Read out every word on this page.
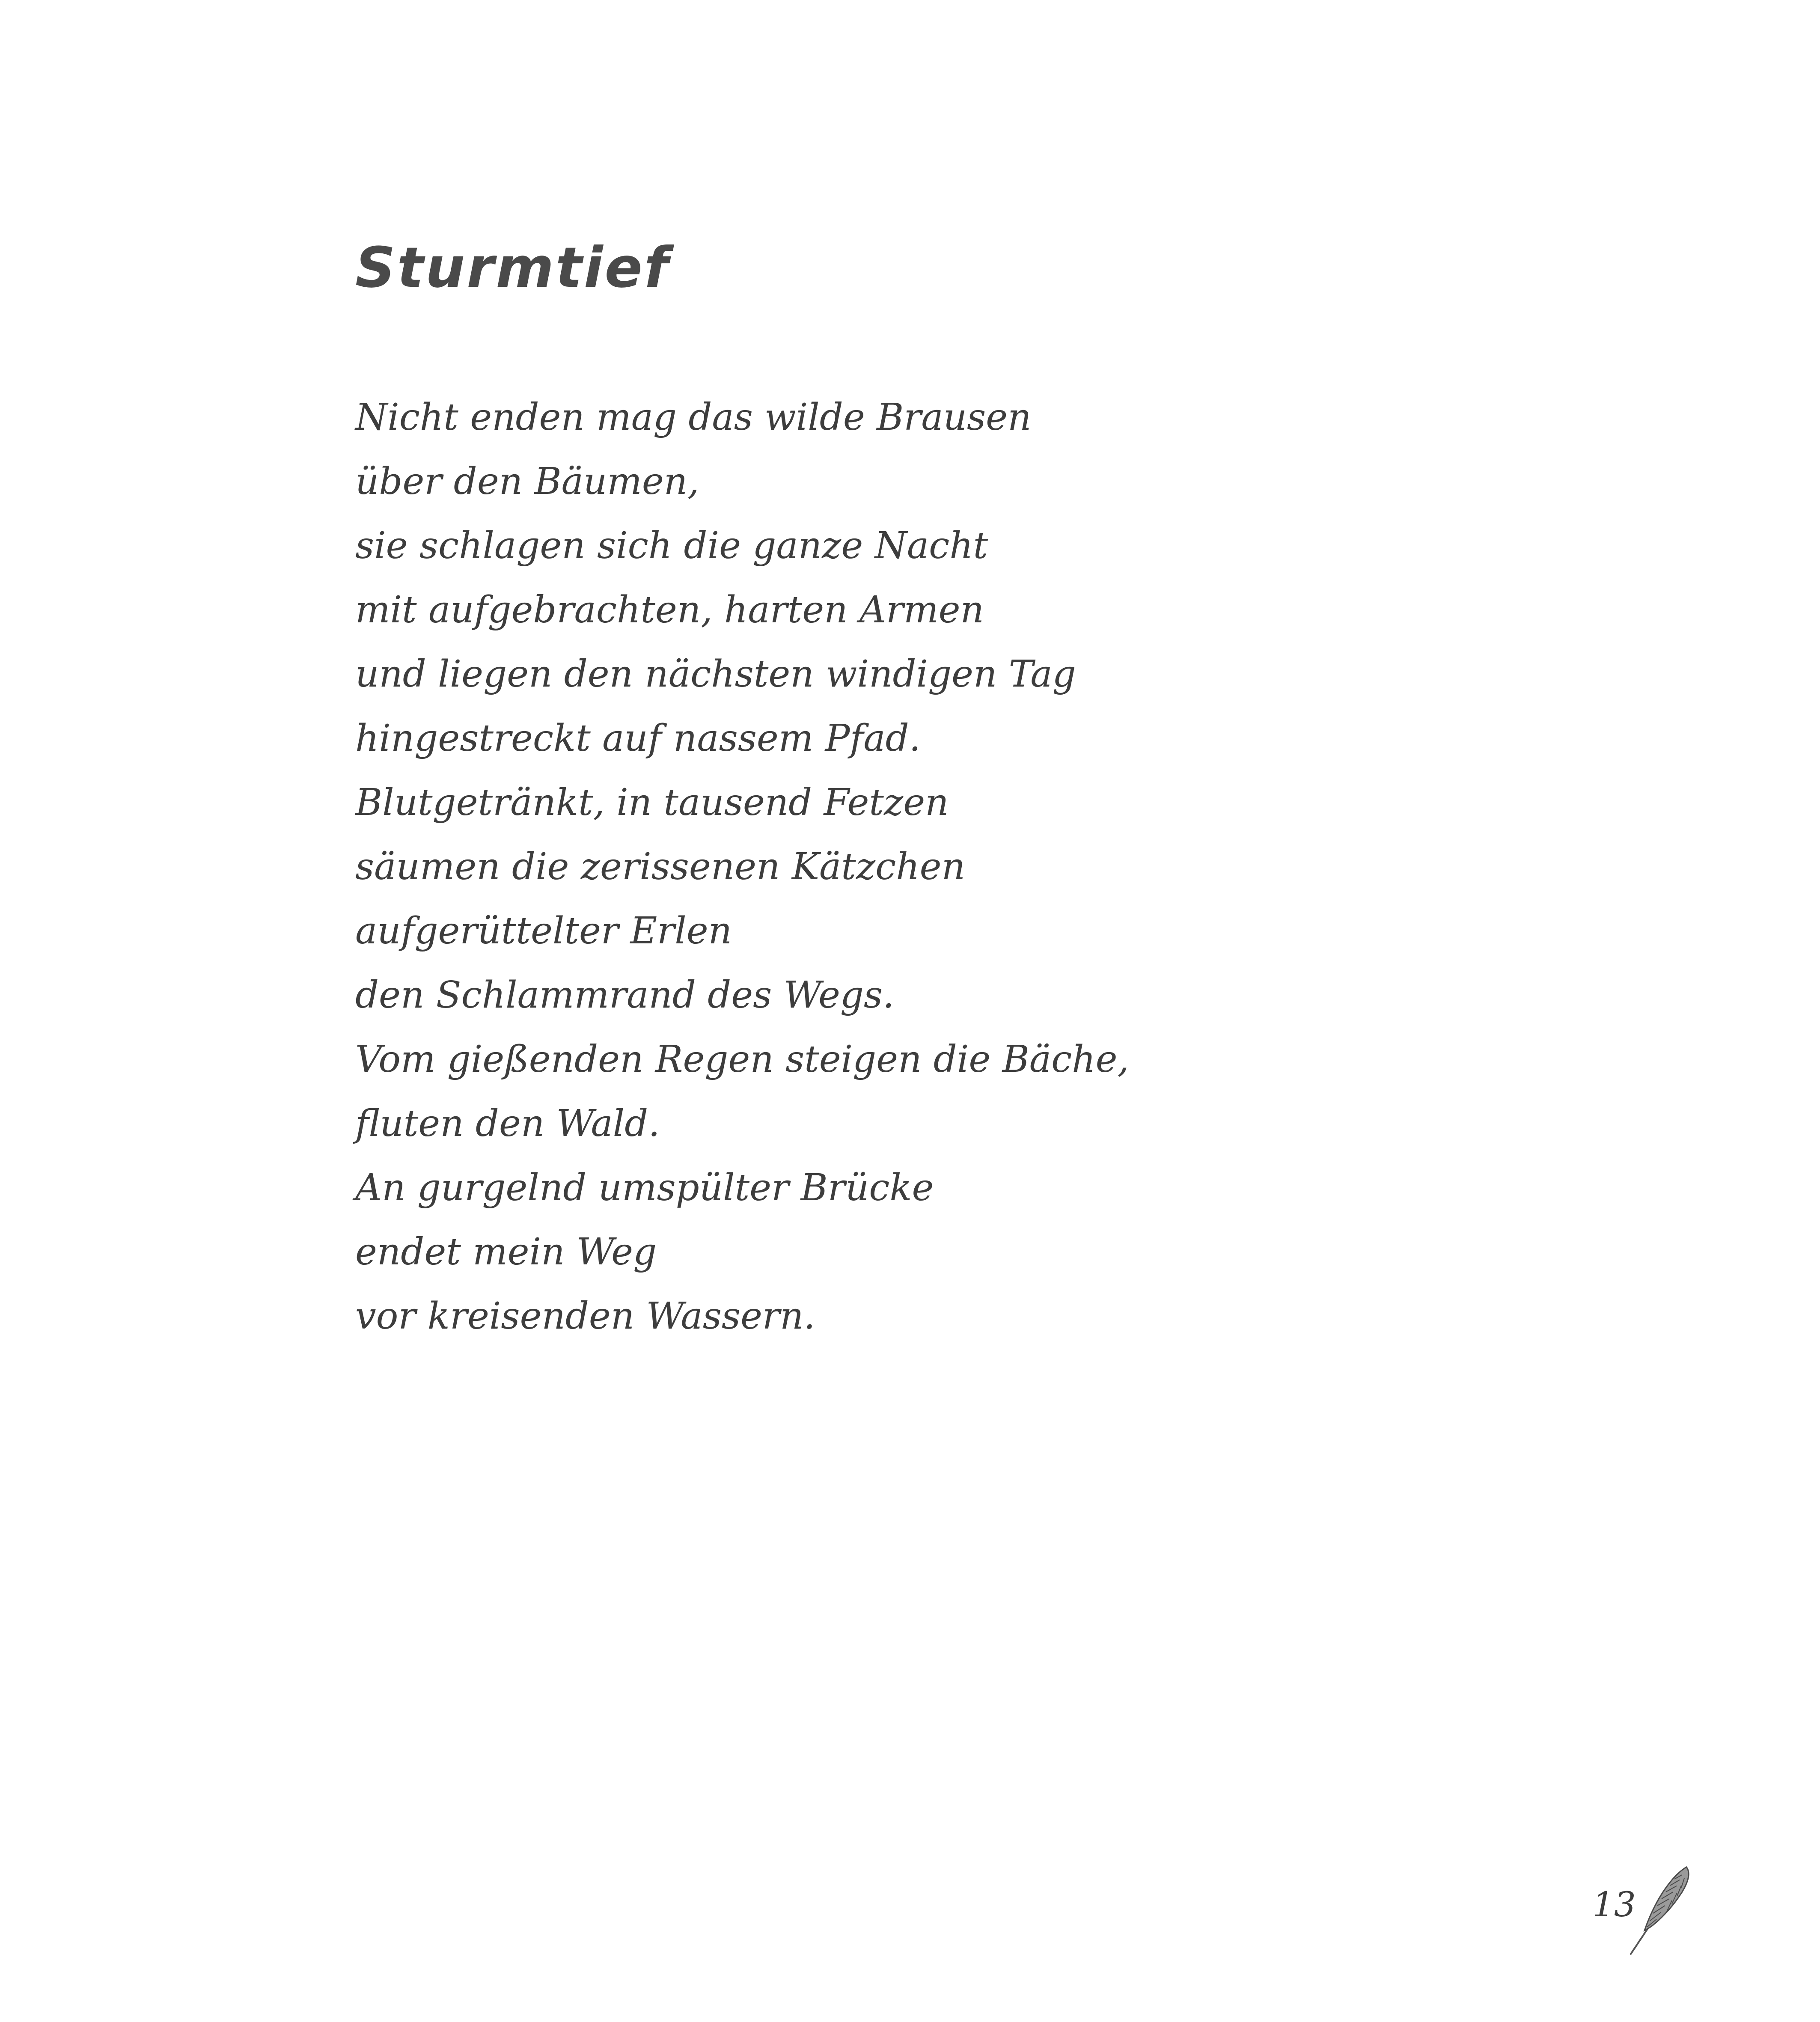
Sturmtief
Nicht enden mag das wilde Brausen
über den Bäumen,
sie schlagen sich die ganze Nacht
mit aufgebrachten, harten Armen
und liegen den nächsten windigen Tag
hingestreckt auf nassem Pfad.
Blutgetränkt, in tausend Fetzen
säumen die zerissenen Kätzchen
aufgerüttelter Erlen
den Schlammrand des Wegs.
Vom gießenden Regen steigen die Bäche,
fluten den Wald.
An gurgelnd umspülter Brücke
endet mein Weg
vor kreisenden Wassern.
13
